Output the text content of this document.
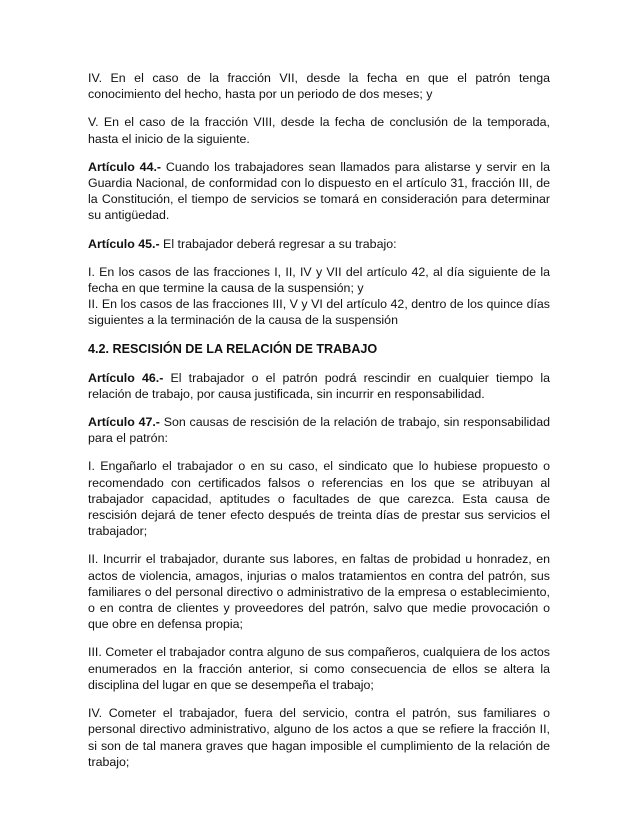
IV. En el caso de la fracción VII, desde la fecha en que el patrón tenga conocimiento del hecho, hasta por un periodo de dos meses; y

V. En el caso de la fracción VIII, desde la fecha de conclusión de la temporada, hasta el inicio de la siguiente.

Artículo 44.- Cuando los trabajadores sean llamados para alistarse y servir en la Guardia Nacional, de conformidad con lo dispuesto en el artículo 31, fracción III, de la Constitución, el tiempo de servicios se tomará en consideración para determinar su antigüedad.

Artículo 45.- El trabajador deberá regresar a su trabajo:

I. En los casos de las fracciones I, II, IV y VII del artículo 42, al día siguiente de la fecha en que termine la causa de la suspensión; y

II. En los casos de las fracciones III, V y VI del artículo 42, dentro de los quince días siguientes a la terminación de la causa de la suspensión

4.2. RESCISIÓN DE LA RELACIÓN DE TRABAJO

Artículo 46.- El trabajador o el patrón podrá rescindir en cualquier tiempo la relación de trabajo, por causa justificada, sin incurrir en responsabilidad.

Artículo 47.- Son causas de rescisión de la relación de trabajo, sin responsabilidad para el patrón:

I. Engañarlo el trabajador o en su caso, el sindicato que lo hubiese propuesto o recomendado con certificados falsos o referencias en los que se atribuyan al trabajador capacidad, aptitudes o facultades de que carezca. Esta causa de rescisión dejará de tener efecto después de treinta días de prestar sus servicios el trabajador;

II. Incurrir el trabajador, durante sus labores, en faltas de probidad u honradez, en actos de violencia, amagos, injurias o malos tratamientos en contra del patrón, sus familiares o del personal directivo o administrativo de la empresa o establecimiento, o en contra de clientes y proveedores del patrón, salvo que medie provocación o que obre en defensa propia;

III. Cometer el trabajador contra alguno de sus compañeros, cualquiera de los actos enumerados en la fracción anterior, si como consecuencia de ellos se altera la disciplina del lugar en que se desempeña el trabajo;

IV. Cometer el trabajador, fuera del servicio, contra el patrón, sus familiares o personal directivo administrativo, alguno de los actos a que se refiere la fracción II, si son de tal manera graves que hagan imposible el cumplimiento de la relación de trabajo;
